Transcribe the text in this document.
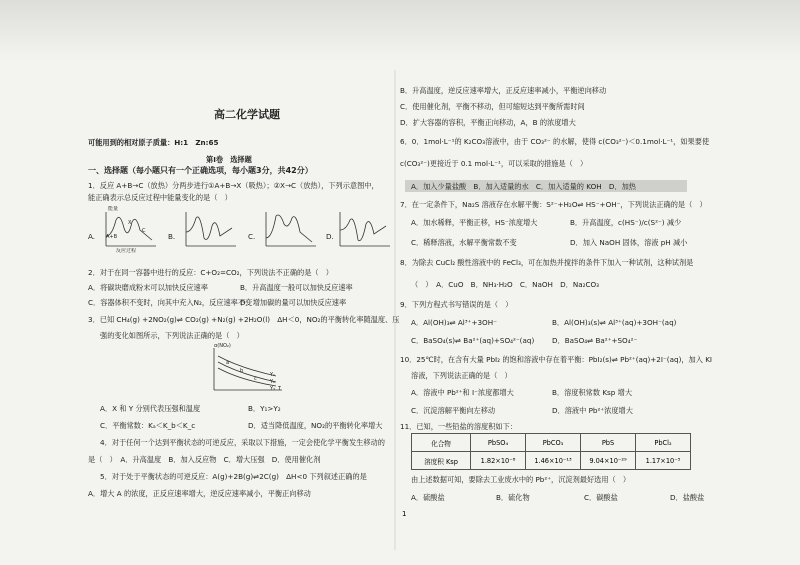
高二化学试题
可能用到的相对原子质量：H:1　Zn:65
第Ⅰ卷　选择题
一、选择题（每小题只有一个正确选项，每小题3分，共42分）
1．反应 A+B→C（放热）分两步进行①A+B→X（吸热）；②X→C（放热），下列示意图中，
能正确表示总反应过程中能量变化的是（　）
A.	B.	C.	D.
能量
反应过程
A+B
X
C
2．对于在同一容器中进行的反应：C+O₂=CO₂，下列说法不正确的是（　）
A．将碳块磨成粉末可以加快反应速率	B．升高温度一般可以加快反应速率
C．容器体积不变时，向其中充入N₂，反应速率不变
D．增加碳的量可以加快反应速率
3．已知 CH₄(g) +2NO₂(g)⇌ CO₂(g) +N₂(g) +2H₂O(l)　ΔH＜0，NO₂的平衡转化率随温度、压
强的变化如图所示，下列说法正确的是（　）
α(NO₂)
T
Y₁
Y₂
Y₃
a
b
c
A．X 和 Y 分别代表压强和温度	B．Y₁>Y₂
C．平衡常数：Kₐ＜K_b＜K_c	D．适当降低温度，NO₂的平衡转化率增大
4．对于任何一个达到平衡状态的可逆反应，采取以下措施，一定会使化学平衡发生移动的
是（　）　A．升高温度　B．加入反应物　C．增大压强　D．使用催化剂
5．对于处于平衡状态的可逆反应：A(g)+2B(g)⇌2C(g)　ΔH<0 下列叙述正确的是
A．增大 A 的浓度，正反应速率增大，逆反应速率减小，平衡正向移动
B．升高温度，逆反应速率增大，正反应速率减小，平衡逆向移动
C．使用催化剂，平衡不移动，但可缩短达到平衡所需时间
D．扩大容器的容积，平衡正向移动，A，B 的浓度增大
6．0．1mol·L⁻¹的 K₂CO₃溶液中，由于 CO₃²⁻ 的水解，使得 c(CO₃²⁻)＜0.1mol·L⁻¹，如果要使
c(CO₃²⁻)更接近于 0.1 mol·L⁻¹，可以采取的措施是（　）
A．加入少量盐酸　B．加入适量的水　C．加入适量的 KOH　D．加热
7．在一定条件下，Na₂S 溶液存在水解平衡：S²⁻+H₂O⇌ HS⁻+OH⁻，下列说法正确的是（　）
A．加水稀释，平衡正移，HS⁻浓度增大	B．升高温度，c(HS⁻)/c(S²⁻) 减少
C．稀释溶液，水解平衡常数不变	D．加入 NaOH 固体，溶液 pH 减小
8．为除去 CuCl₂ 酸性溶液中的 FeCl₃，可在加热并搅拌的条件下加入一种试剂，这种试剂是
（　）　A．CuO　B．NH₃·H₂O　C．NaOH　D．Na₂CO₃
9．下列方程式书写错误的是（　）
A．Al(OH)₃⇌ Al³⁺+3OH⁻	B．Al(OH)₃(s)⇌ Al³⁺(aq)+3OH⁻(aq)
C．BaSO₄(s)⇌ Ba²⁺(aq)+SO₄²⁻(aq) D．BaSO₄⇌ Ba²⁺+SO₄²⁻
10．25℃时，在含有大量 PbI₂ 的饱和溶液中存在着平衡：PbI₂(s)⇌ Pb²⁺(aq)+2I⁻(aq)，加入 KI
溶液，下列说法正确的是（　）
A．溶液中 Pb²⁺和 I⁻浓度都增大	B．溶度积常数 Ksp 增大
C．沉淀溶解平衡向左移动	D．溶液中 Pb²⁺浓度增大
11．已知，一些铅盐的溶度积如下：
化合物	PbSO₄	PbCO₃	PbS	PbCl₂
溶度积 Ksp	1.82×10⁻⁸	1.46×10⁻¹³	9.04×10⁻²⁹	1.17×10⁻⁵
由上述数据可知，要除去工业废水中的 Pb²⁺，沉淀剂最好选用（　）
A．硫酸盐	B．硫化物	C．碳酸盐	D．盐酸盐
1
